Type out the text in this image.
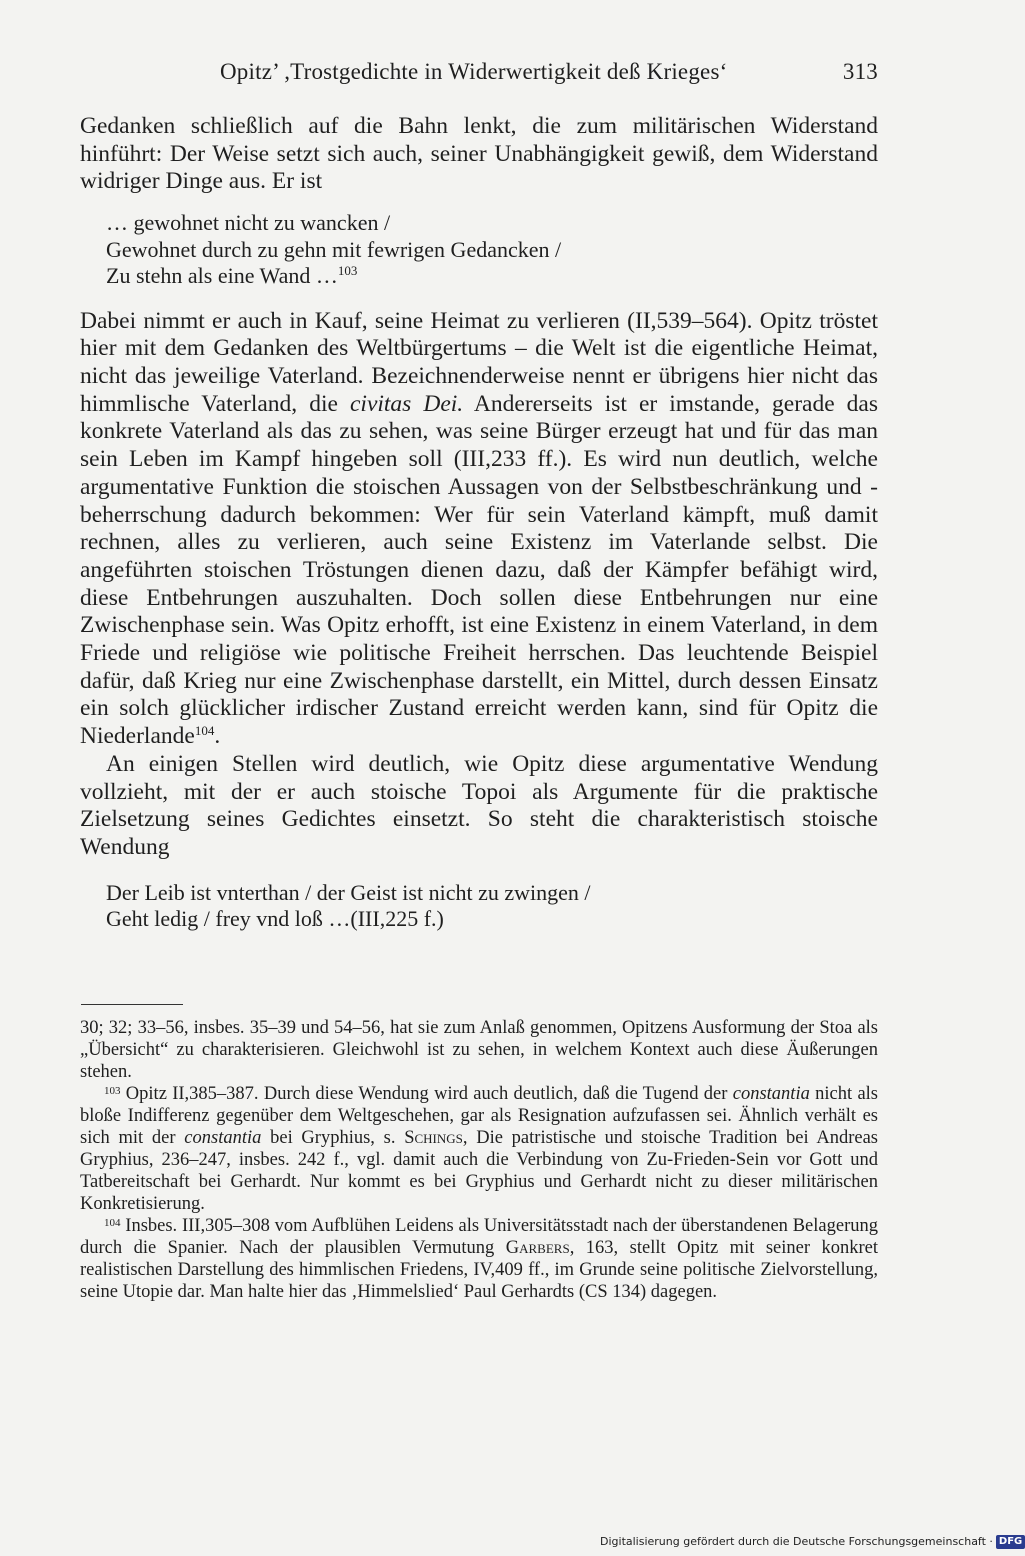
Opitz’ ,Trostgedichte in Widerwertigkeit deß Krieges‘	313

Gedanken schließlich auf die Bahn lenkt, die zum militärischen Widerstand hinführt: Der Weise setzt sich auch, seiner Unabhängigkeit gewiß, dem Widerstand widriger Dinge aus. Er ist

… gewohnet nicht zu wancken /
Gewohnet durch zu gehn mit fewrigen Gedancken /
Zu stehn als eine Wand …$^{103}$

Dabei nimmt er auch in Kauf, seine Heimat zu verlieren (II,539–564). Opitz tröstet hier mit dem Gedanken des Weltbürgertums – die Welt ist die eigentliche Heimat, nicht das jeweilige Vaterland. Bezeichnenderweise nennt er übrigens hier nicht das himmlische Vaterland, die civitas Dei. Andererseits ist er imstande, gerade das konkrete Vaterland als das zu sehen, was seine Bürger erzeugt hat und für das man sein Leben im Kampf hingeben soll (III,233 ff.). Es wird nun deutlich, welche argumentative Funktion die stoischen Aussagen von der Selbstbeschränkung und -beherrschung dadurch bekommen: Wer für sein Vaterland kämpft, muß damit rechnen, alles zu verlieren, auch seine Existenz im Vaterlande selbst. Die angeführten stoischen Tröstungen dienen dazu, daß der Kämpfer befähigt wird, diese Entbehrungen auszuhalten. Doch sollen diese Entbehrungen nur eine Zwischenphase sein. Was Opitz erhofft, ist eine Existenz in einem Vaterland, in dem Friede und religiöse wie politische Freiheit herrschen. Das leuchtende Beispiel dafür, daß Krieg nur eine Zwischenphase darstellt, ein Mittel, durch dessen Einsatz ein solch glücklicher irdischer Zustand erreicht werden kann, sind für Opitz die Niederlande$^{104}$.

An einigen Stellen wird deutlich, wie Opitz diese argumentative Wendung vollzieht, mit der er auch stoische Topoi als Argumente für die praktische Zielsetzung seines Gedichtes einsetzt. So steht die charakteristisch stoische Wendung

Der Leib ist vnterthan / der Geist ist nicht zu zwingen /
Geht ledig / frey vnd loß …(III,225 f.)

30; 32; 33–56, insbes. 35–39 und 54–56, hat sie zum Anlaß genommen, Opitzens Ausformung der Stoa als „Übersicht“ zu charakterisieren. Gleichwohl ist zu sehen, in welchem Kontext auch diese Äußerungen stehen.

$^{103}$ Opitz II,385–387. Durch diese Wendung wird auch deutlich, daß die Tugend der constantia nicht als bloße Indifferenz gegenüber dem Weltgeschehen, gar als Resignation aufzufassen sei. Ähnlich verhält es sich mit der constantia bei Gryphius, s. Schings, Die patristische und stoische Tradition bei Andreas Gryphius, 236–247, insbes. 242 f., vgl. damit auch die Verbindung von Zu-Frieden-Sein vor Gott und Tatbereitschaft bei Gerhardt. Nur kommt es bei Gryphius und Gerhardt nicht zu dieser militärischen Konkretisierung.

$^{104}$ Insbes. III,305–308 vom Aufblühen Leidens als Universitätsstadt nach der überstandenen Belagerung durch die Spanier. Nach der plausiblen Vermutung Garbers, 163, stellt Opitz mit seiner konkret realistischen Darstellung des himmlischen Friedens, IV,409 ff., im Grunde seine politische Zielvorstellung, seine Utopie dar. Man halte hier das ‚Himmelslied‘ Paul Gerhardts (CS 134) dagegen.

Digitalisierung gefördert durch die Deutsche Forschungsgemeinschaft · DFG
